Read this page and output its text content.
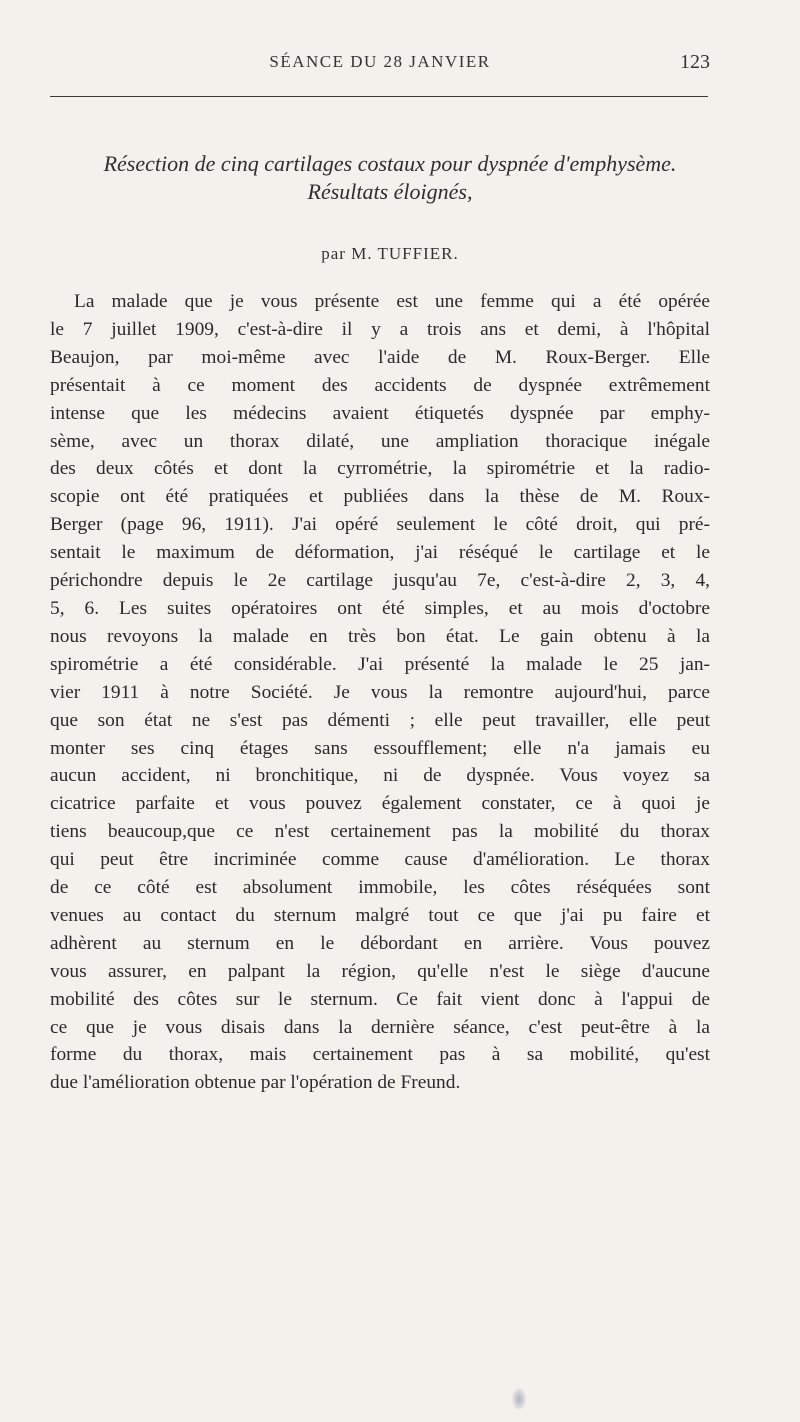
SÉANCE DU 28 JANVIER	123
Résection de cinq cartilages costaux pour dyspnée d'emphysème.
Résultats éloignés,
par M. TUFFIER.
La malade que je vous présente est une femme qui a été opérée
le 7 juillet 1909, c'est-à-dire il y a trois ans et demi, à l'hôpital
Beaujon, par moi-même avec l'aide de M. Roux-Berger. Elle
présentait à ce moment des accidents de dyspnée extrêmement
intense que les médecins avaient étiquetés dyspnée par emphy-
sème, avec un thorax dilaté, une ampliation thoracique inégale
des deux côtés et dont la cyrrométrie, la spirométrie et la radio-
scopie ont été pratiquées et publiées dans la thèse de M. Roux-
Berger (page 96, 1911). J'ai opéré seulement le côté droit, qui pré-
sentait le maximum de déformation, j'ai réséqué le cartilage et le
périchondre depuis le 2e cartilage jusqu'au 7e, c'est-à-dire 2, 3, 4,
5, 6. Les suites opératoires ont été simples, et au mois d'octobre
nous revoyons la malade en très bon état. Le gain obtenu à la
spirométrie a été considérable. J'ai présenté la malade le 25 jan-
vier 1911 à notre Société. Je vous la remontre aujourd'hui, parce
que son état ne s'est pas démenti ; elle peut travailler, elle peut
monter ses cinq étages sans essoufflement; elle n'a jamais eu
aucun accident, ni bronchitique, ni de dyspnée. Vous voyez sa
cicatrice parfaite et vous pouvez également constater, ce à quoi je
tiens beaucoup,que ce n'est certainement pas la mobilité du thorax
qui peut être incriminée comme cause d'amélioration. Le thorax
de ce côté est absolument immobile, les côtes réséquées sont
venues au contact du sternum malgré tout ce que j'ai pu faire et
adhèrent au sternum en le débordant en arrière. Vous pouvez
vous assurer, en palpant la région, qu'elle n'est le siège d'aucune
mobilité des côtes sur le sternum. Ce fait vient donc à l'appui de
ce que je vous disais dans la dernière séance, c'est peut-être à la
forme du thorax, mais certainement pas à sa mobilité, qu'est
due l'amélioration obtenue par l'opération de Freund.
